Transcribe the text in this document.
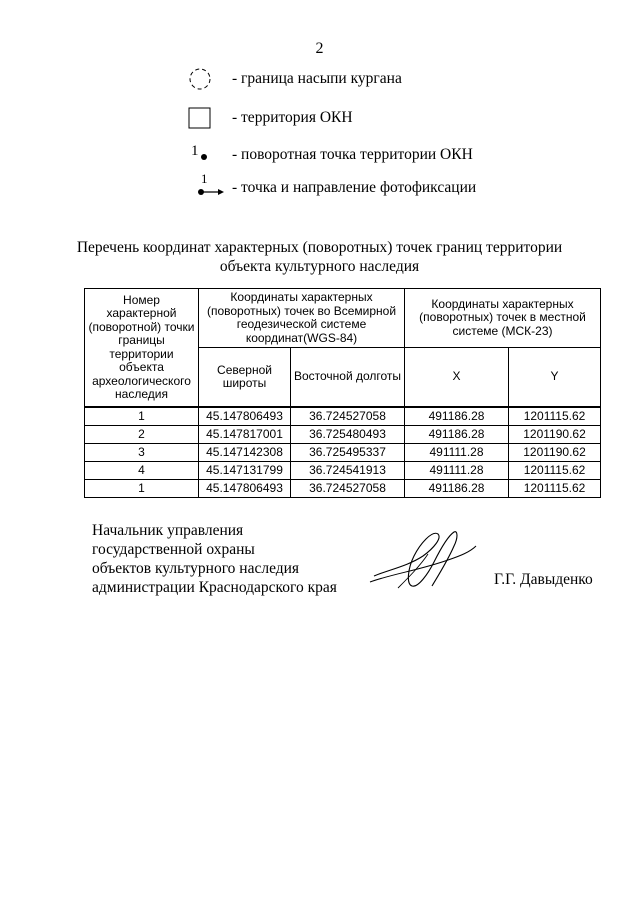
2
- граница насыпи кургана
- территория ОКН
1 - поворотная точка территории ОКН
1
- точка и направление фотофиксации
Перечень координат характерных (поворотных) точек границ территории
объекта культурного наследия
Номер характерной (поворотной) точки границы территории объекта археологического наследия	Координаты характерных (поворотных) точек во Всемирной геодезической системе координат(WGS-84)		Координаты характерных (поворотных) точек в местной системе (МСК-23)	
	Северной широты	Восточной долготы	X	Y
1	45.147806493	36.724527058	491186.28	1201115.62
2	45.147817001	36.725480493	491186.28	1201190.62
3	45.147142308	36.725495337	491111.28	1201190.62
4	45.147131799	36.724541913	491111.28	1201115.62
1	45.147806493	36.724527058	491186.28	1201115.62
Начальник управления
государственной охраны
объектов культурного наследия
администрации Краснодарского края	Г.Г. Давыденко
